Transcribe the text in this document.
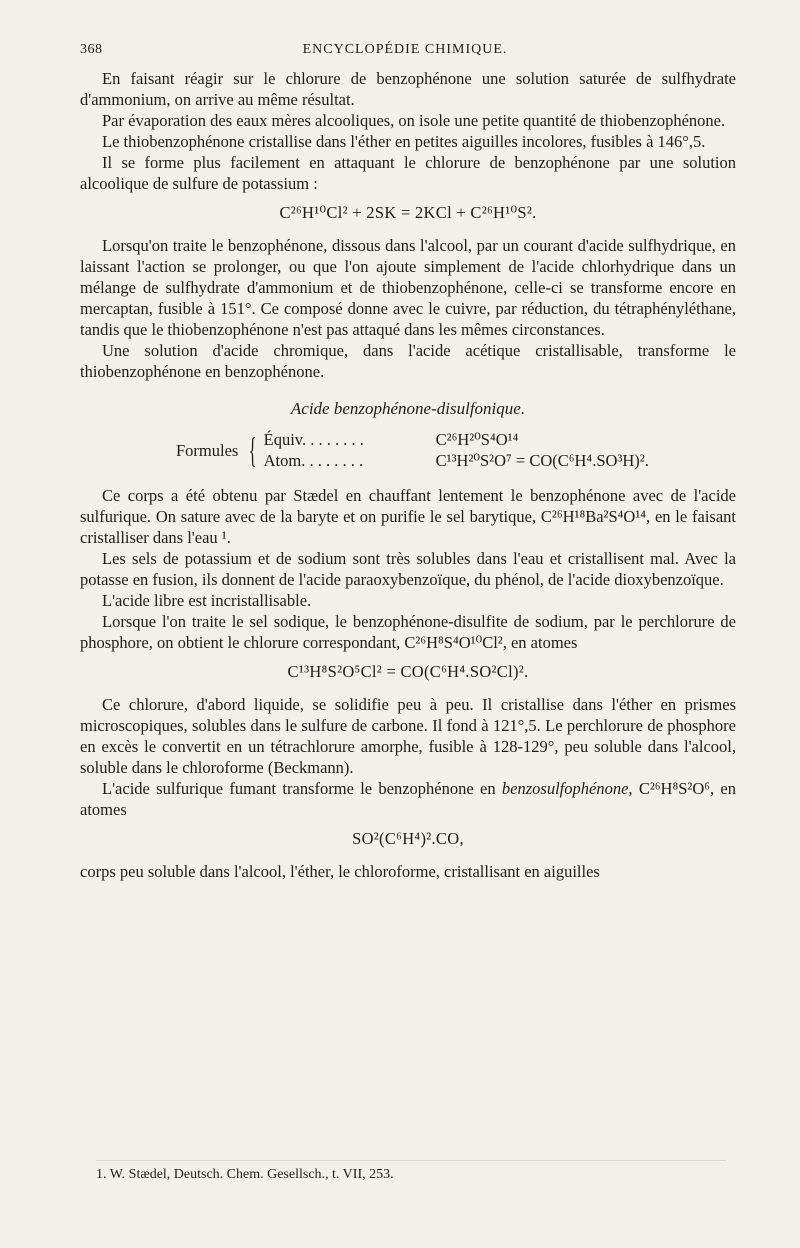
368	ENCYCLOPÉDIE CHIMIQUE.

En faisant réagir sur le chlorure de benzophénone une solution saturée de sulfhydrate d'ammonium, on arrive au même résultat.

Par évaporation des eaux mères alcooliques, on isole une petite quantité de thiobenzophénone.

Le thiobenzophénone cristallise dans l'éther en petites aiguilles incolores, fusibles à 146°,5.

Il se forme plus facilement en attaquant le chlorure de benzophénone par une solution alcoolique de sulfure de potassium :

C²⁶H¹⁰Cl² + 2SK = 2KCl + C²⁶H¹⁰S².

Lorsqu'on traite le benzophénone, dissous dans l'alcool, par un courant d'acide sulfhydrique, en laissant l'action se prolonger, ou que l'on ajoute simplement de l'acide chlorhydrique dans un mélange de sulfhydrate d'ammonium et de thiobenzophénone, celle-ci se transforme encore en mercaptan, fusible à 151°. Ce composé donne avec le cuivre, par réduction, du tétraphényléthane, tandis que le thiobenzophénone n'est pas attaqué dans les mêmes circonstances.

Une solution d'acide chromique, dans l'acide acétique cristallisable, transforme le thiobenzophénone en benzophénone.

Acide benzophénone-disulfonique.
Formules { Équiv. . . . . . . .	C²⁶H²⁰S⁴O¹⁴
Atom. . . . . . . .	C¹³H²⁰S²O⁷ = CO(C⁶H⁴.SO³H)².

Ce corps a été obtenu par Stædel en chauffant lentement le benzophénone avec de l'acide sulfurique. On sature avec de la baryte et on purifie le sel barytique, C²⁶H¹⁸Ba²S⁴O¹⁴, en le faisant cristalliser dans l'eau ¹.

Les sels de potassium et de sodium sont très solubles dans l'eau et cristallisent mal. Avec la potasse en fusion, ils donnent de l'acide paraoxybenzoïque, du phénol, de l'acide dioxybenzoïque.

L'acide libre est incristallisable.

Lorsque l'on traite le sel sodique, le benzophénone-disulfite de sodium, par le perchlorure de phosphore, on obtient le chlorure correspondant, C²⁶H⁸S⁴O¹⁰Cl², en atomes

C¹³H⁸S²O⁵Cl² = CO(C⁶H⁴.SO²Cl)².

Ce chlorure, d'abord liquide, se solidifie peu à peu. Il cristallise dans l'éther en prismes microscopiques, solubles dans le sulfure de carbone. Il fond à 121°,5. Le perchlorure de phosphore en excès le convertit en un tétrachlorure amorphe, fusible à 128-129°, peu soluble dans l'alcool, soluble dans le chloroforme (Beckmann).

L'acide sulfurique fumant transforme le benzophénone en benzosulfophénone, C²⁶H⁸S²O⁶, en atomes

SO²(C⁶H⁴)².CO,

corps peu soluble dans l'alcool, l'éther, le chloroforme, cristallisant en aiguilles

1. W. Stædel, Deutsch. Chem. Gesellsch., t. VII, 253.
